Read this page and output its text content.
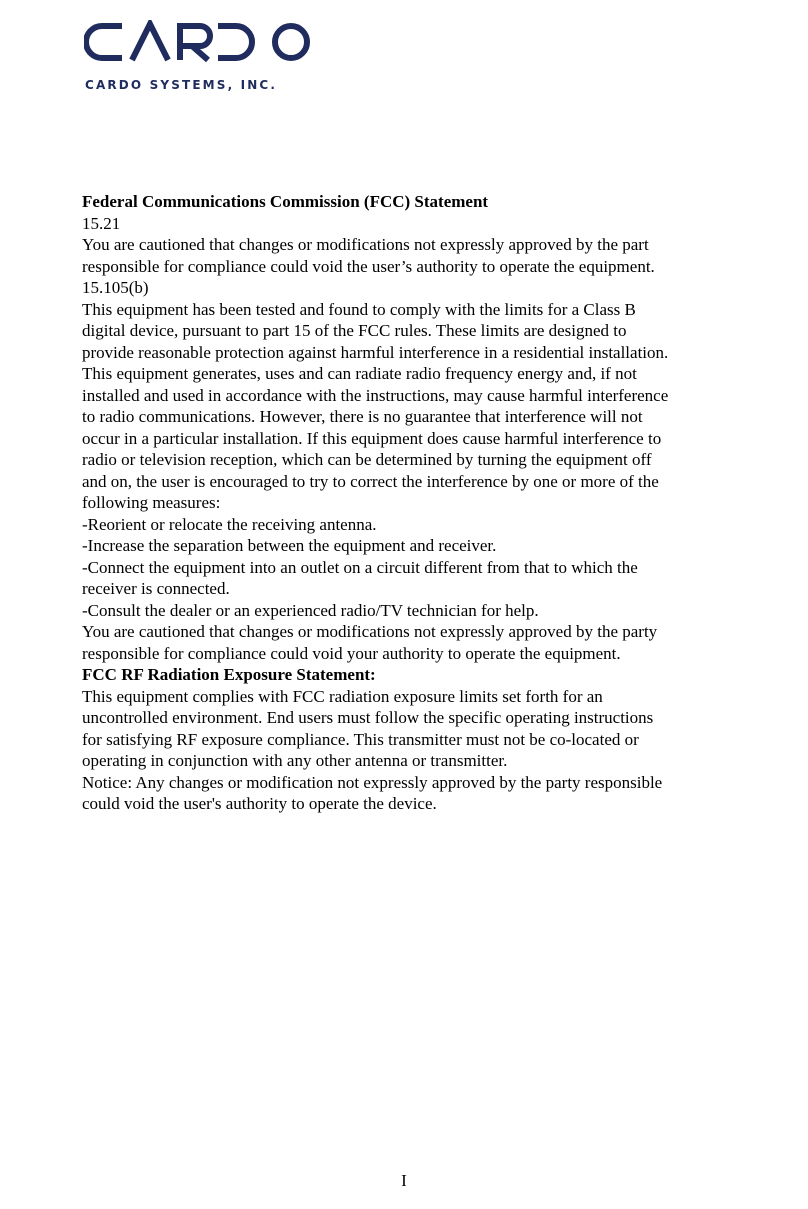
CARDO SYSTEMS, INC.
Federal Communications Commission (FCC) Statement
15.21
You are cautioned that changes or modifications not expressly approved by the part
responsible for compliance could void the user’s authority to operate the equipment.
15.105(b)
This equipment has been tested and found to comply with the limits for a Class B
digital device, pursuant to part 15 of the FCC rules. These limits are designed to
provide reasonable protection against harmful interference in a residential installation.
This equipment generates, uses and can radiate radio frequency energy and, if not
installed and used in accordance with the instructions, may cause harmful interference
to radio communications. However, there is no guarantee that interference will not
occur in a particular installation. If this equipment does cause harmful interference to
radio or television reception, which can be determined by turning the equipment off
and on, the user is encouraged to try to correct the interference by one or more of the
following measures:
-Reorient or relocate the receiving antenna.
-Increase the separation between the equipment and receiver.
-Connect the equipment into an outlet on a circuit different from that to which the
receiver is connected.
-Consult the dealer or an experienced radio/TV technician for help.
You are cautioned that changes or modifications not expressly approved by the party
responsible for compliance could void your authority to operate the equipment.
FCC RF Radiation Exposure Statement:
This equipment complies with FCC radiation exposure limits set forth for an
uncontrolled environment. End users must follow the specific operating instructions
for satisfying RF exposure compliance. This transmitter must not be co-located or
operating in conjunction with any other antenna or transmitter.
Notice: Any changes or modification not expressly approved by the party responsible
could void the user's authority to operate the device.
I
